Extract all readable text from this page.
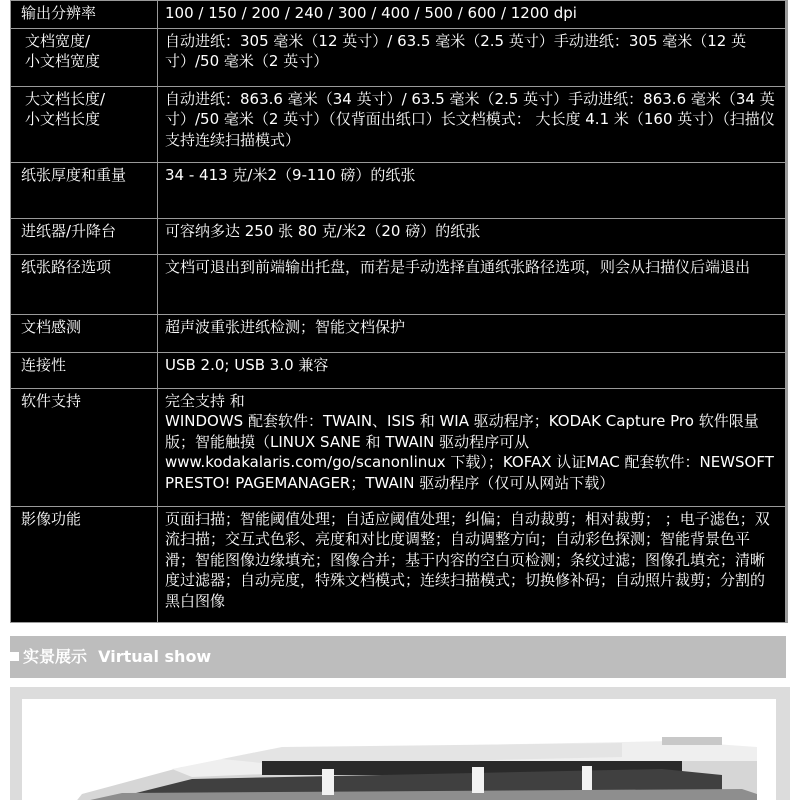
输出分辨率	100 / 150 / 200 / 240 / 300 / 400 / 500 / 600 / 1200 dpi
文档宽度/
小文档宽度	自动进纸：305 毫米（12 英寸）/ 63.5 毫米（2.5 英寸）手动进纸：305 毫米（12 英寸）/50 毫米（2 英寸）
大文档长度/
小文档长度	自动进纸：863.6 毫米（34 英寸）/ 63.5 毫米（2.5 英寸）手动进纸：863.6 毫米（34 英寸）/50 毫米（2 英寸）（仅背面出纸口）长文档模式： 大长度 4.1 米（160 英寸）（扫描仪支持连续扫描模式）
纸张厚度和重量	34 - 413 克/米2（9-110 磅）的纸张
进纸器/升降台	可容纳多达 250 张 80 克/米2（20 磅）的纸张
纸张路径选项	文档可退出到前端输出托盘，而若是手动选择直通纸张路径选项，则会从扫描仪后端退出
文档感测	超声波重张进纸检测；智能文档保护
连接性	USB 2.0; USB 3.0 兼容
软件支持	完全支持 和
WINDOWS 配套软件：TWAIN、ISIS 和 WIA 驱动程序；KODAK Capture Pro 软件限量版；智能触摸（LINUX SANE 和 TWAIN 驱动程序可从 www.kodakalaris.com/go/scanonlinux 下载）；KOFAX 认证MAC 配套软件：NEWSOFT PRESTO! PAGEMANAGER；TWAIN 驱动程序（仅可从网站下载）
影像功能	页面扫描；智能阈值处理；自适应阈值处理；纠偏；自动裁剪；相对裁剪； ；电子滤色；双流扫描；交互式色彩、亮度和对比度调整；自动调整方向；自动彩色探测；智能背景色平滑；智能图像边缘填充；图像合并；基于内容的空白页检测；条纹过滤；图像孔填充；清晰度过滤器；自动亮度，特殊文档模式；连续扫描模式；切换修补码；自动照片裁剪；分割的黑白图像
实景展示 Virtual show
